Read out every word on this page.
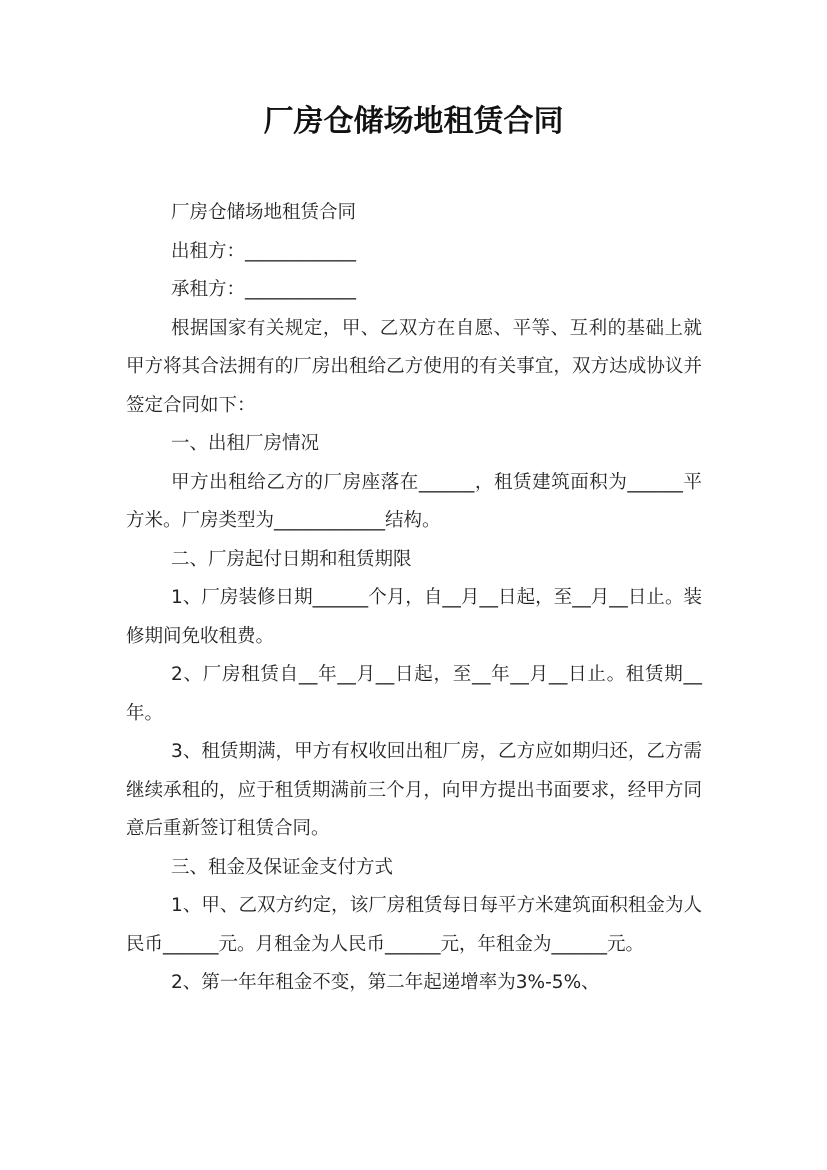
厂房仓储场地租赁合同

厂房仓储场地租赁合同

出租方：____________

承租方：____________

根据国家有关规定，甲、乙双方在自愿、平等、互利的基础上就甲方将其合法拥有的厂房出租给乙方使用的有关事宜，双方达成协议并签定合同如下：

一、出租厂房情况

甲方出租给乙方的厂房座落在______，租赁建筑面积为______平方米。厂房类型为____________结构。

二、厂房起付日期和租赁期限

1、厂房装修日期______个月，自__月__日起，至__月__日止。装修期间免收租费。

2、厂房租赁自__年__月__日起，至__年__月__日止。租赁期__年。

3、租赁期满，甲方有权收回出租厂房，乙方应如期归还，乙方需继续承租的，应于租赁期满前三个月，向甲方提出书面要求，经甲方同意后重新签订租赁合同。

三、租金及保证金支付方式

1、甲、乙双方约定，该厂房租赁每日每平方米建筑面积租金为人民币______元。月租金为人民币______元，年租金为______元。

2、第一年年租金不变，第二年起递增率为3%-5%、
